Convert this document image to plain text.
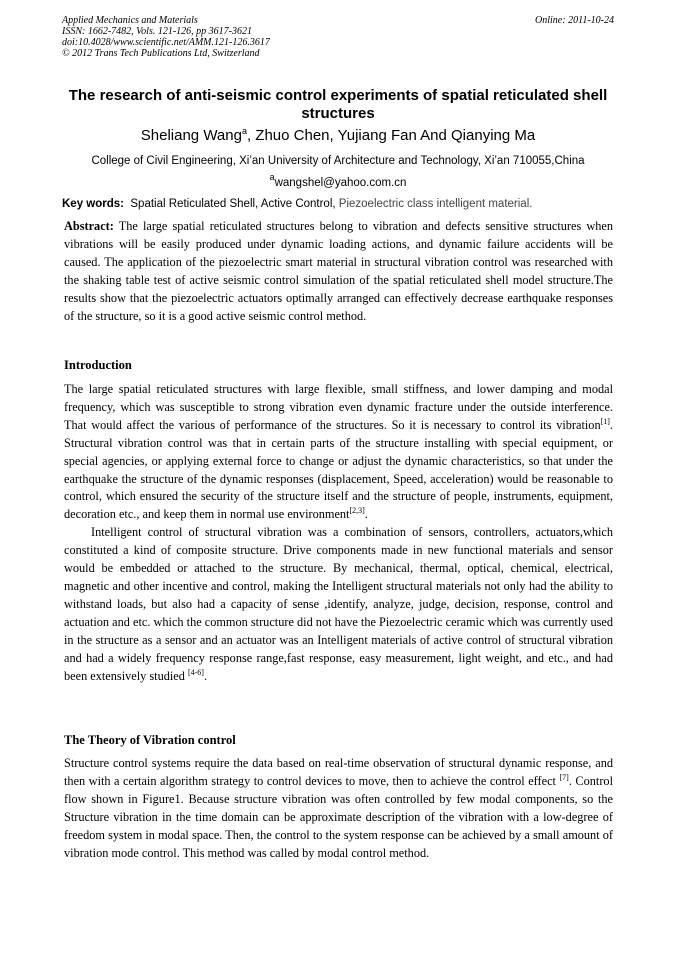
Applied Mechanics and Materials
ISSN: 1662-7482, Vols. 121-126, pp 3617-3621
doi:10.4028/www.scientific.net/AMM.121-126.3617
© 2012 Trans Tech Publications Ltd, Switzerland
Online: 2011-10-24
The research of anti-seismic control experiments of spatial reticulated shell structures
Sheliang Wang$^a$, Zhuo Chen, Yujiang Fan And Qianying Ma
College of Civil Engineering, Xi’an University of Architecture and Technology, Xi’an 710055,China
$^a$wangshel@yahoo.com.cn
Key words: Spatial Reticulated Shell, Active Control, Piezoelectric class intelligent material.

Abstract: The large spatial reticulated structures belong to vibration and defects sensitive structures when vibrations will be easily produced under dynamic loading actions, and dynamic failure accidents will be caused. The application of the piezoelectric smart material in structural vibration control was researched with the shaking table test of active seismic control simulation of the spatial reticulated shell model structure.The results show that the piezoelectric actuators optimally arranged can effectively decrease earthquake responses of the structure, so it is a good active seismic control method.

Introduction

The large spatial reticulated structures with large flexible, small stiffness, and lower damping and modal frequency, which was susceptible to strong vibration even dynamic fracture under the outside interference. That would affect the various of performance of the structures. So it is necessary to control its vibration[1]. Structural vibration control was that in certain parts of the structure installing with special equipment, or special agencies, or applying external force to change or adjust the dynamic characteristics, so that under the earthquake the structure of the dynamic responses (displacement, Speed, acceleration) would be reasonable to control, which ensured the security of the structure itself and the structure of people, instruments, equipment, decoration etc., and keep them in normal use environment[2,3].

Intelligent control of structural vibration was a combination of sensors, controllers, actuators,which constituted a kind of composite structure. Drive components made in new functional materials and sensor would be embedded or attached to the structure. By mechanical, thermal, optical, chemical, electrical, magnetic and other incentive and control, making the Intelligent structural materials not only had the ability to withstand loads, but also had a capacity of sense ,identify, analyze, judge, decision, response, control and actuation and etc. which the common structure did not have the Piezoelectric ceramic which was currently used in the structure as a sensor and an actuator was an Intelligent materials of active control of structural vibration and had a widely frequency response range,fast response, easy measurement, light weight, and etc., and had been extensively studied [4-6].

The Theory of Vibration control

Structure control systems require the data based on real-time observation of structural dynamic response, and then with a certain algorithm strategy to control devices to move, then to achieve the control effect [7]. Control flow shown in Figure1. Because structure vibration was often controlled by few modal components, so the Structure vibration in the time domain can be approximate description of the vibration with a low-degree of freedom system in modal space. Then, the control to the system response can be achieved by a small amount of vibration mode control. This method was called by modal control method.
